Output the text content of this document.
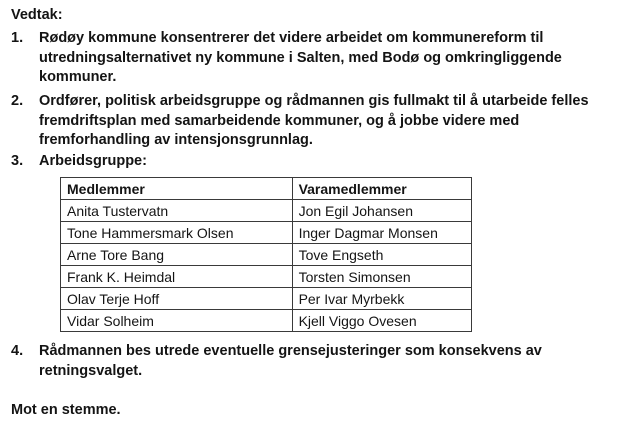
Vedtak:
1. Rødøy kommune konsentrerer det videre arbeidet om kommunereform til
utredningsalternativet ny kommune i Salten, med Bodø og omkringliggende
kommuner.
2. Ordfører, politisk arbeidsgruppe og rådmannen gis fullmakt til å utarbeide felles
fremdriftsplan med samarbeidende kommuner, og å jobbe videre med
fremforhandling av intensjonsgrunnlag.
3. Arbeidsgruppe:
Medlemmer	Varamedlemmer
Anita Tustervatn	Jon Egil Johansen
Tone Hammersmark Olsen	Inger Dagmar Monsen
Arne Tore Bang	Tove Engseth
Frank K. Heimdal	Torsten Simonsen
Olav Terje Hoff	Per Ivar Myrbekk
Vidar Solheim	Kjell Viggo Ovesen
4. Rådmannen bes utrede eventuelle grensejusteringer som konsekvens av
retningsvalget.
Mot en stemme.
